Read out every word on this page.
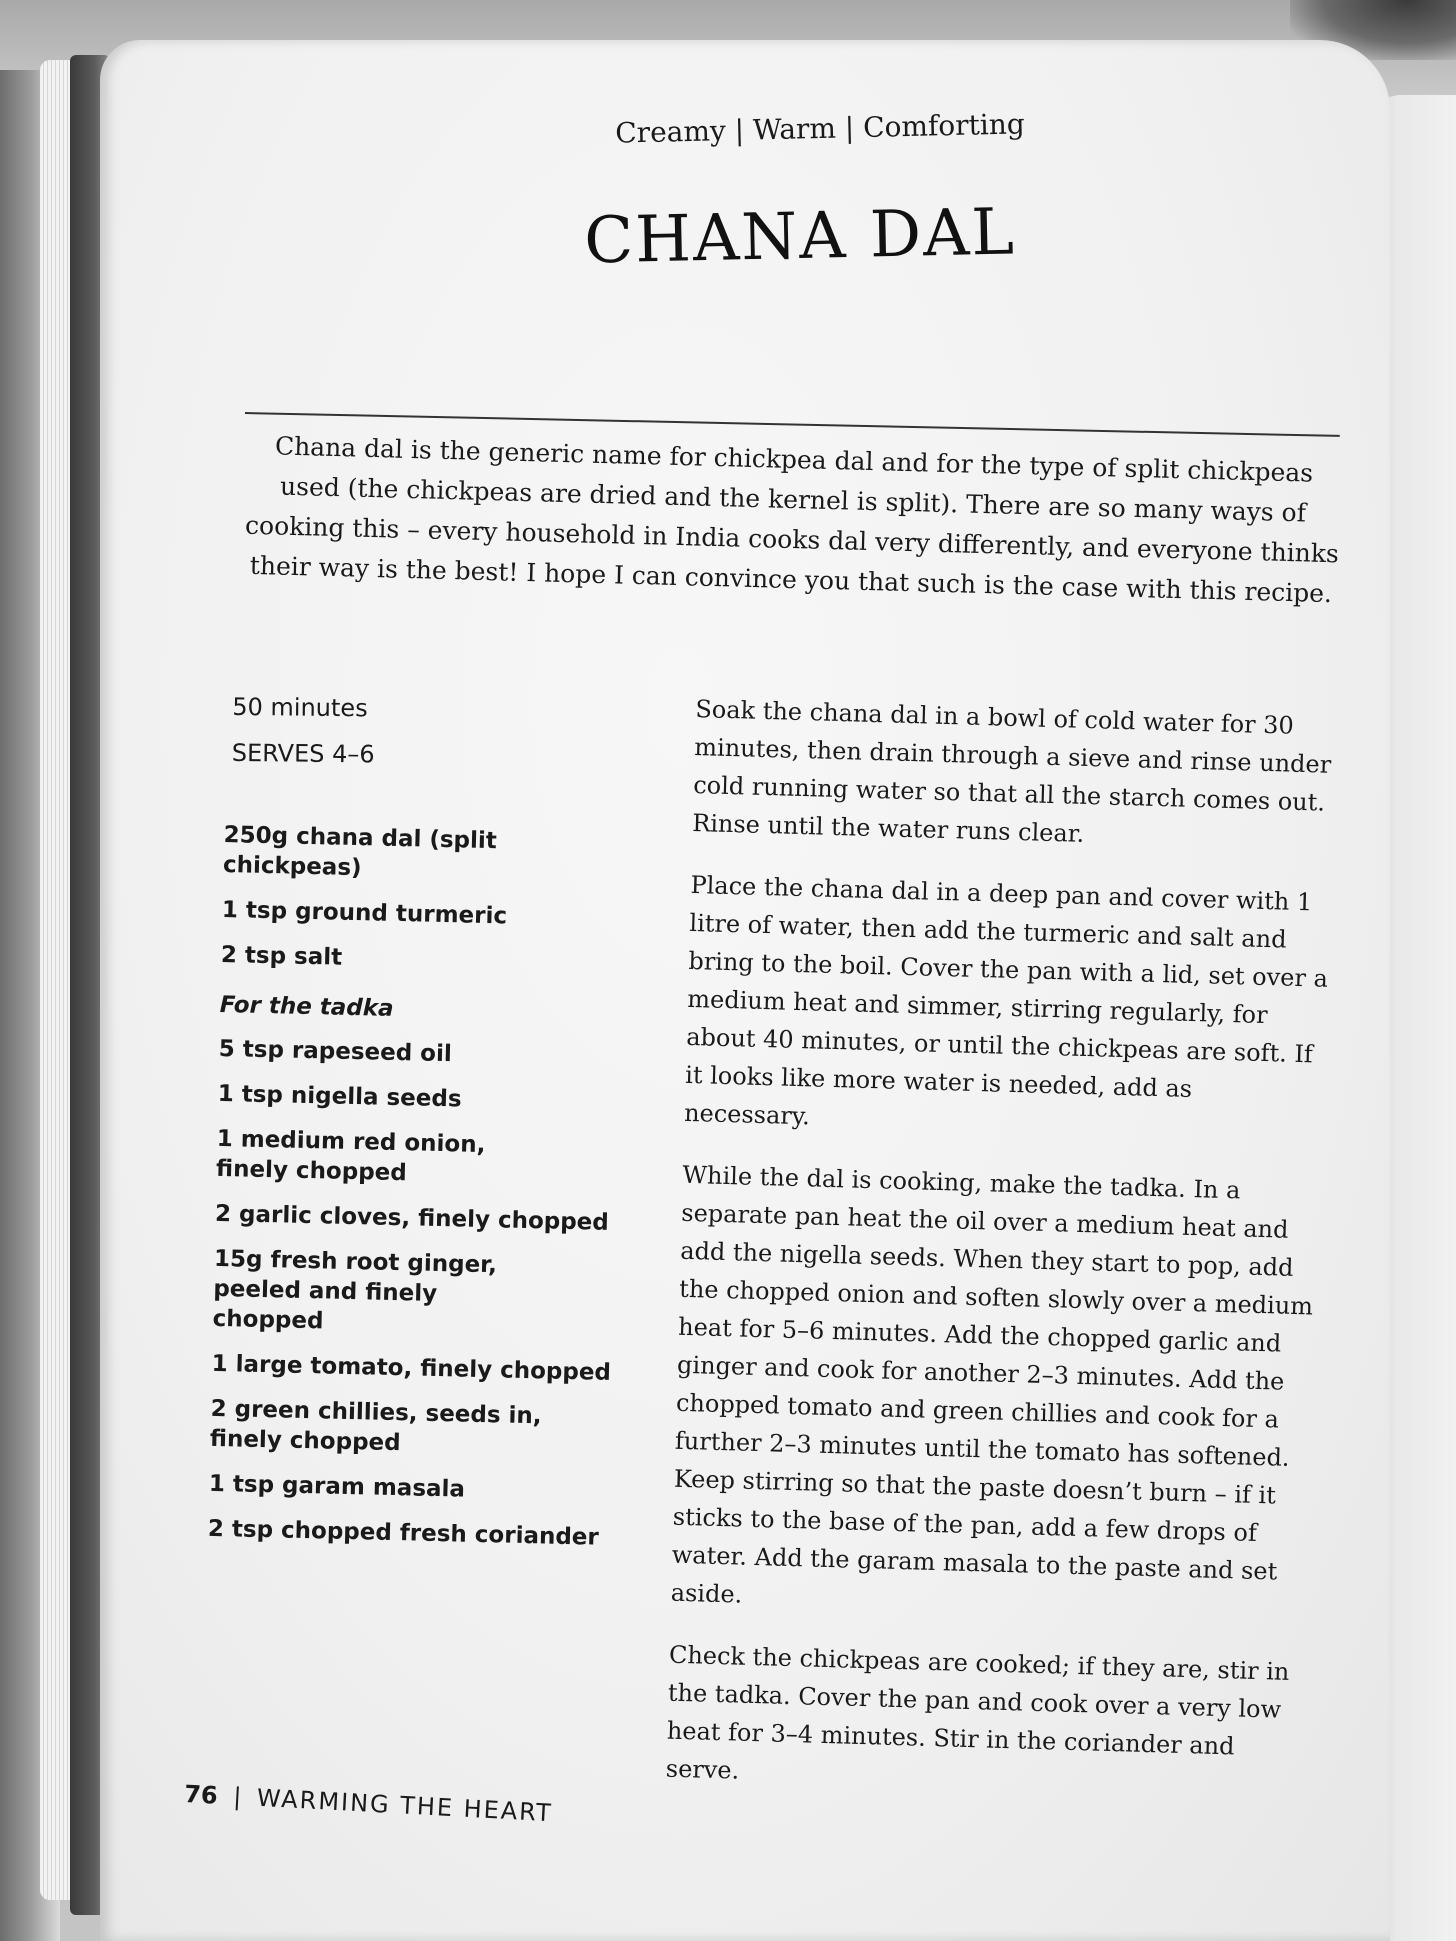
Creamy | Warm | Comforting
CHANA DAL
Chana dal is the generic name for chickpea dal and for the type of split chickpeas used (the chickpeas are dried and the kernel is split). There are so many ways of cooking this – every household in India cooks dal very differently, and everyone thinks their way is the best! I hope I can convince you that such is the case with this recipe.
50 minutes
SERVES 4–6
250g chana dal (split chickpeas)
1 tsp ground turmeric
2 tsp salt
For the tadka
5 tsp rapeseed oil
1 tsp nigella seeds
1 medium red onion, finely chopped
2 garlic cloves, finely chopped
15g fresh root ginger, peeled and finely chopped
1 large tomato, finely chopped
2 green chillies, seeds in, finely chopped
1 tsp garam masala
2 tsp chopped fresh coriander

Soak the chana dal in a bowl of cold water for 30 minutes, then drain through a sieve and rinse under cold running water so that all the starch comes out. Rinse until the water runs clear.

Place the chana dal in a deep pan and cover with 1 litre of water, then add the turmeric and salt and bring to the boil. Cover the pan with a lid, set over a medium heat and simmer, stirring regularly, for about 40 minutes, or until the chickpeas are soft. If it looks like more water is needed, add as necessary.

While the dal is cooking, make the tadka. In a separate pan heat the oil over a medium heat and add the nigella seeds. When they start to pop, add the chopped onion and soften slowly over a medium heat for 5–6 minutes. Add the chopped garlic and ginger and cook for another 2–3 minutes. Add the chopped tomato and green chillies and cook for a further 2–3 minutes until the tomato has softened. Keep stirring so that the paste doesn’t burn – if it sticks to the base of the pan, add a few drops of water. Add the garam masala to the paste and set aside.

Check the chickpeas are cooked; if they are, stir in the tadka. Cover the pan and cook over a very low heat for 3–4 minutes. Stir in the coriander and serve.

76 | WARMING THE HEART
